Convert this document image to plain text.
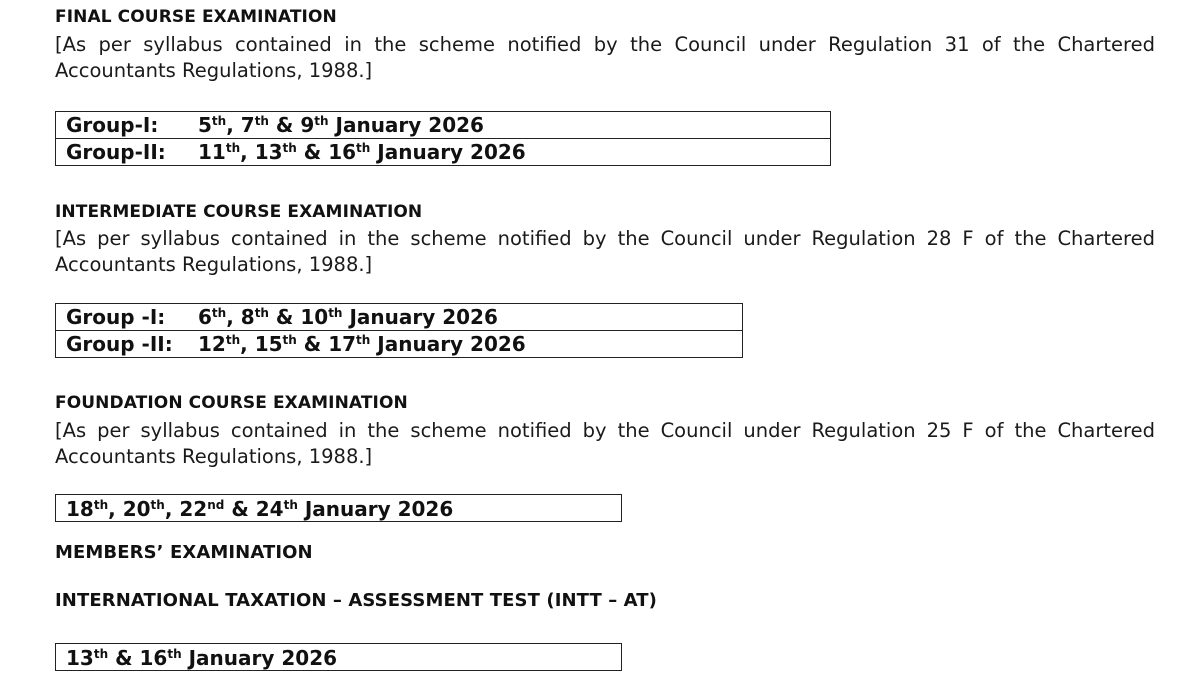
FINAL COURSE EXAMINATION

[As per syllabus contained in the scheme notified by the Council under Regulation 31 of the Chartered
Accountants Regulations, 1988.]

Group-I: 5th, 7th & 9th January 2026
Group-II: 11th, 13th & 16th January 2026
INTERMEDIATE COURSE EXAMINATION

[As per syllabus contained in the scheme notified by the Council under Regulation 28 F of the Chartered
Accountants Regulations, 1988.]

Group -I: 6th, 8th & 10th January 2026
Group -II: 12th, 15th & 17th January 2026
FOUNDATION COURSE EXAMINATION

[As per syllabus contained in the scheme notified by the Council under Regulation 25 F of the Chartered
Accountants Regulations, 1988.]

18th, 20th, 22nd & 24th January 2026
MEMBERS’ EXAMINATION
INTERNATIONAL TAXATION – ASSESSMENT TEST (INTT – AT)
13th & 16th January 2026
